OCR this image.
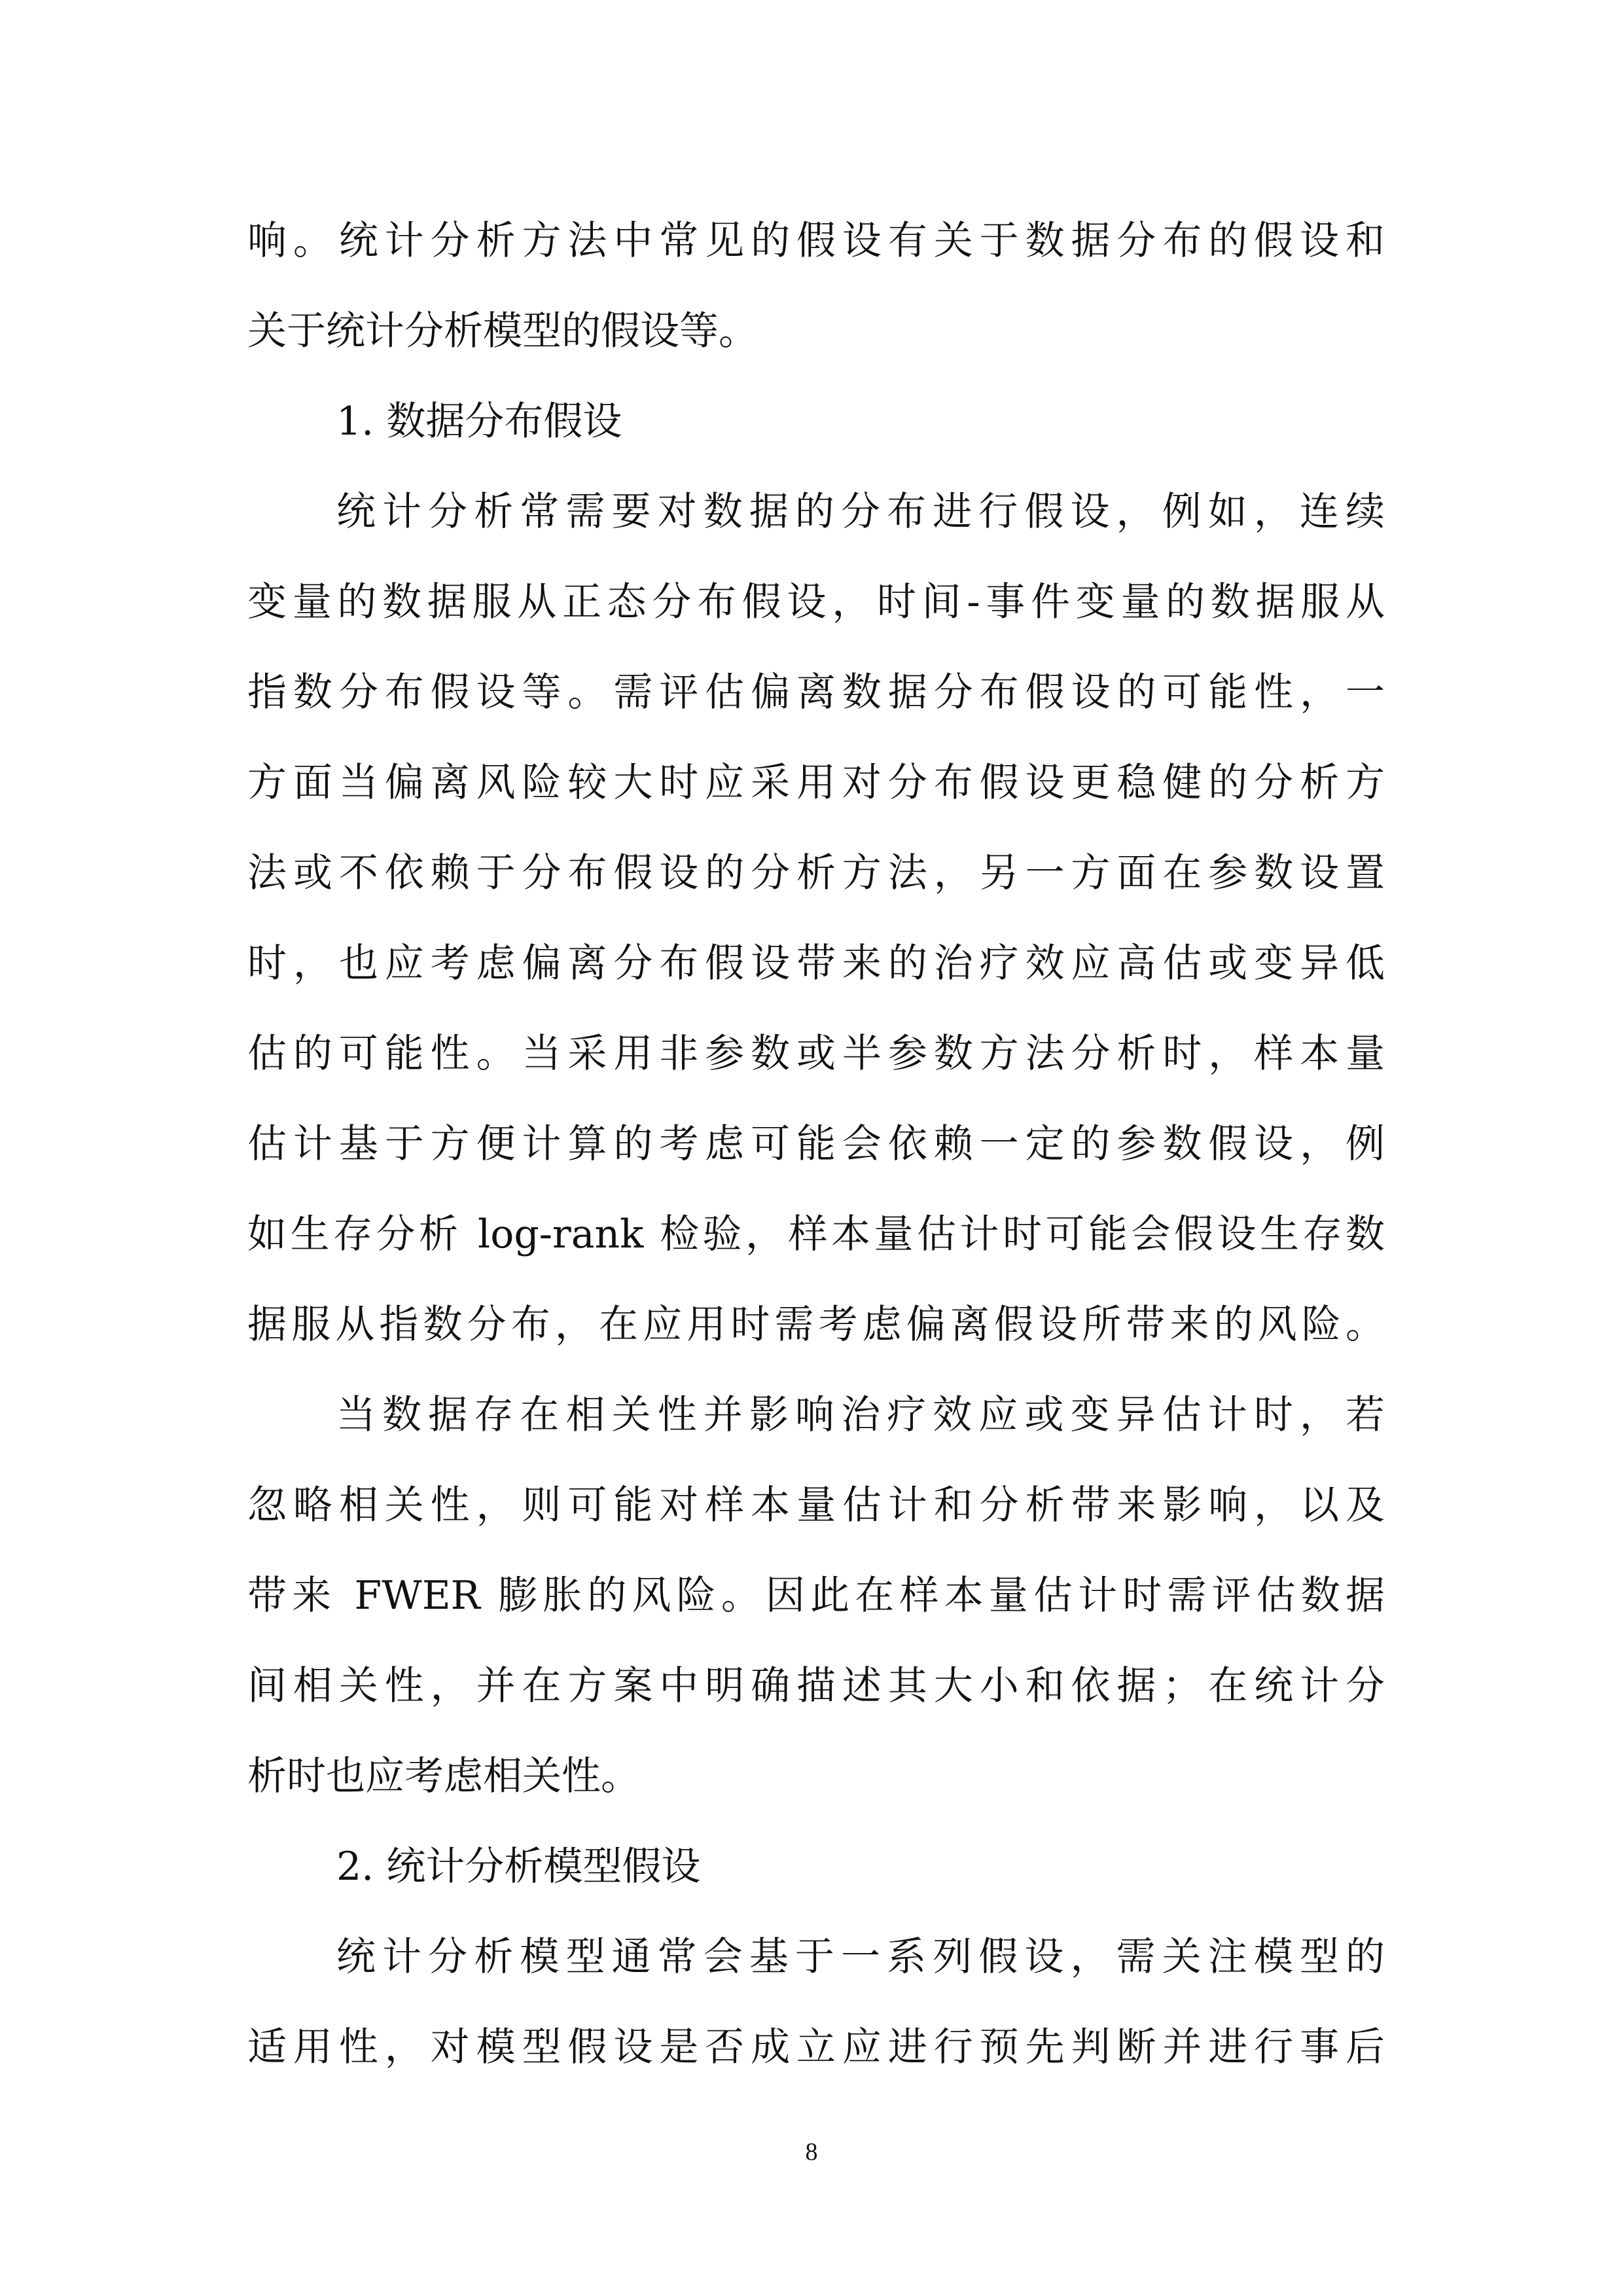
响。统计分析方法中常见的假设有关于数据分布的假设和
关于统计分析模型的假设等。
1. 数据分布假设
统计分析常需要对数据的分布进行假设，例如，连续
变量的数据服从正态分布假设，时间-事件变量的数据服从
指数分布假设等。需评估偏离数据分布假设的可能性，一
方面当偏离风险较大时应采用对分布假设更稳健的分析方
法或不依赖于分布假设的分析方法，另一方面在参数设置
时，也应考虑偏离分布假设带来的治疗效应高估或变异低
估的可能性。当采用非参数或半参数方法分析时，样本量
估计基于方便计算的考虑可能会依赖一定的参数假设，例
如生存分析 log-rank 检验，样本量估计时可能会假设生存数
据服从指数分布，在应用时需考虑偏离假设所带来的风险。
当数据存在相关性并影响治疗效应或变异估计时，若
忽略相关性，则可能对样本量估计和分析带来影响，以及
带来 FWER 膨胀的风险。因此在样本量估计时需评估数据
间相关性，并在方案中明确描述其大小和依据；在统计分
析时也应考虑相关性。
2. 统计分析模型假设
统计分析模型通常会基于一系列假设，需关注模型的
适用性，对模型假设是否成立应进行预先判断并进行事后
8
